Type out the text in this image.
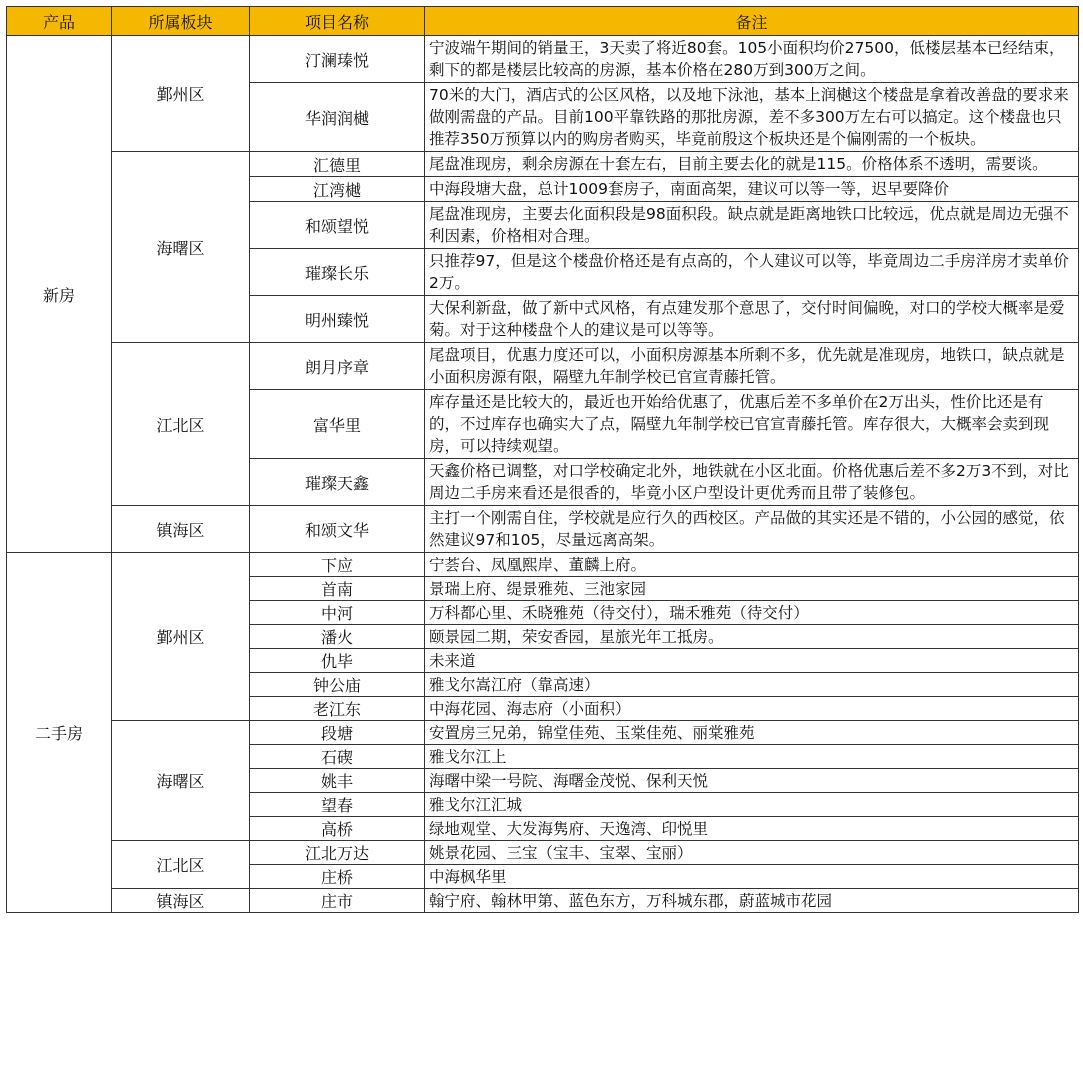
产品	所属板块	项目名称	备注
新房	鄞州区	汀澜瑧悦	宁波端午期间的销量王，3天卖了将近80套。105小面积均价27500，低楼层基本已经结束，剩下的都是楼层比较高的房源，基本价格在280万到300万之间。
		华润润樾	70米的大门，酒店式的公区风格，以及地下泳池，基本上润樾这个楼盘是拿着改善盘的要求来做刚需盘的产品。目前100平靠铁路的那批房源，差不多300万左右可以搞定。这个楼盘也只推荐350万预算以内的购房者购买，毕竟前殷这个板块还是个偏刚需的一个板块。
	海曙区	汇德里	尾盘准现房，剩余房源在十套左右，目前主要去化的就是115。价格体系不透明，需要谈。
		江湾樾	中海段塘大盘，总计1009套房子，南面高架，建议可以等一等，迟早要降价
		和颂望悦	尾盘准现房，主要去化面积段是98面积段。缺点就是距离地铁口比较远，优点就是周边无强不利因素，价格相对合理。
		璀璨长乐	只推荐97，但是这个楼盘价格还是有点高的，个人建议可以等，毕竟周边二手房洋房才卖单价2万。
		明州臻悦	大保利新盘，做了新中式风格，有点建发那个意思了，交付时间偏晚，对口的学校大概率是爱菊。对于这种楼盘个人的建议是可以等等。
	江北区	朗月序章	尾盘项目，优惠力度还可以，小面积房源基本所剩不多，优先就是准现房，地铁口，缺点就是小面积房源有限，隔壁九年制学校已官宣青藤托管。
		富华里	库存量还是比较大的，最近也开始给优惠了，优惠后差不多单价在2万出头，性价比还是有的，不过库存也确实大了点，隔壁九年制学校已官宣青藤托管。库存很大，大概率会卖到现房，可以持续观望。
		璀璨天鑫	天鑫价格已调整，对口学校确定北外，地铁就在小区北面。价格优惠后差不多2万3不到，对比周边二手房来看还是很香的，毕竟小区户型设计更优秀而且带了装修包。
	镇海区	和颂文华	主打一个刚需自住，学校就是应行久的西校区。产品做的其实还是不错的，小公园的感觉，依然建议97和105，尽量远离高架。
二手房	鄞州区	下应	宁荟台、凤凰熙岸、董麟上府。
		首南	景瑞上府、缇景雅苑、三池家园
		中河	万科都心里、禾晓雅苑（待交付），瑞禾雅苑（待交付）
		潘火	颐景园二期，荣安香园，星旅光年工抵房。
		仇毕	未来道
		钟公庙	雅戈尔嵩江府（靠高速）
		老江东	中海花园、海志府（小面积）
	海曙区	段塘	安置房三兄弟，锦堂佳苑、玉棠佳苑、丽棠雅苑
		石碶	雅戈尔江上
		姚丰	海曙中梁一号院、海曙金茂悦、保利天悦
		望春	雅戈尔江汇城
		高桥	绿地观堂、大发海隽府、天逸湾、印悦里
	江北区	江北万达	姚景花园、三宝（宝丰、宝翠、宝丽）
		庄桥	中海枫华里
	镇海区	庄市	翰宁府、翰林甲第、蓝色东方，万科城东郡，蔚蓝城市花园
